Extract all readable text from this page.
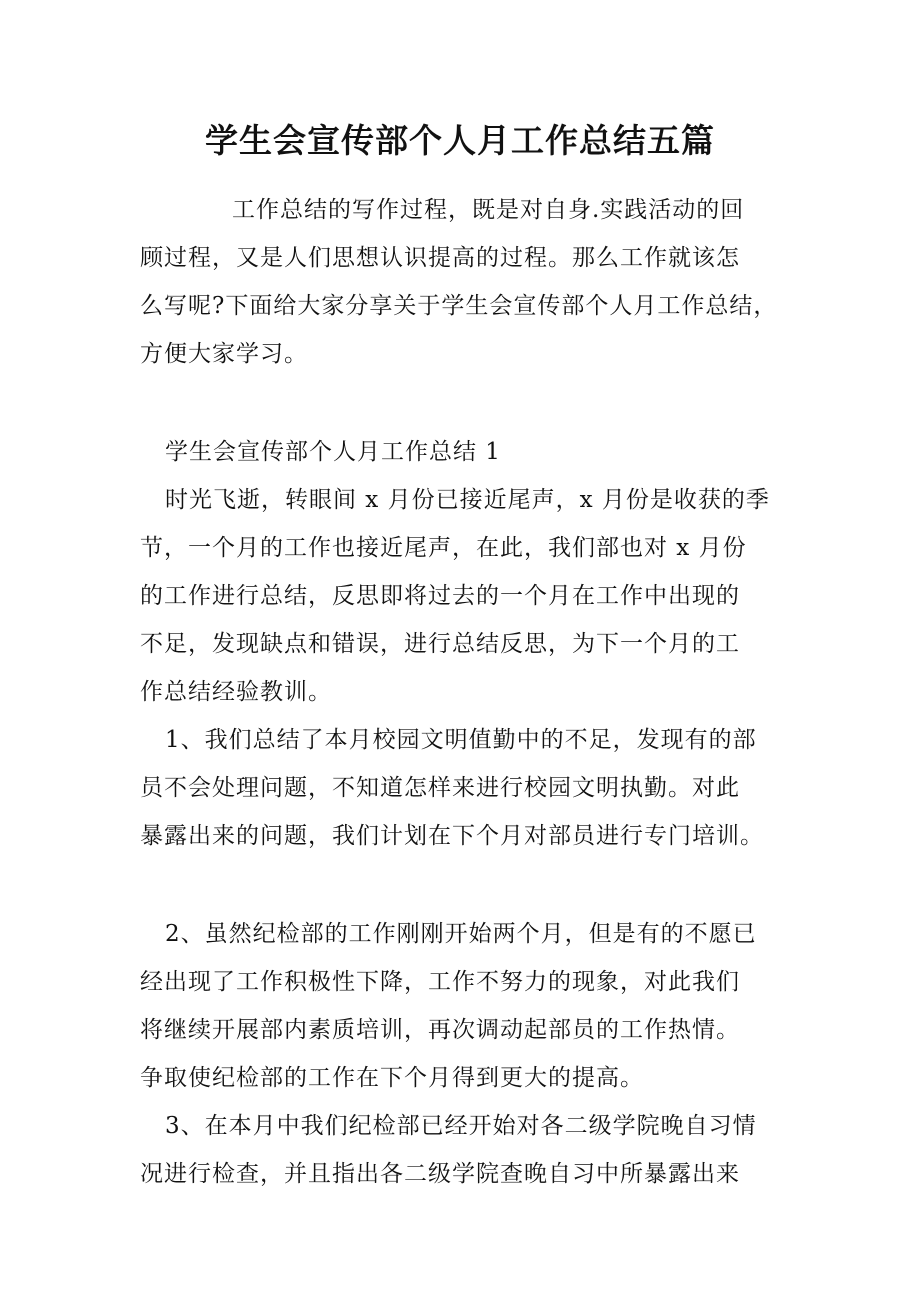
学生会宣传部个人月工作总结五篇

工作总结的写作过程，既是对自身.实践活动的回

顾过程，又是人们思想认识提高的过程。那么工作就该怎

么写呢?下面给大家分享关于学生会宣传部个人月工作总结，

方便大家学习。

学生会宣传部个人月工作总结 1

时光飞逝，转眼间 x 月份已接近尾声，x 月份是收获的季

节，一个月的工作也接近尾声，在此，我们部也对 x 月份

的工作进行总结，反思即将过去的一个月在工作中出现的

不足，发现缺点和错误，进行总结反思，为下一个月的工

作总结经验教训。

1、我们总结了本月校园文明值勤中的不足，发现有的部

员不会处理问题，不知道怎样来进行校园文明执勤。对此

暴露出来的问题，我们计划在下个月对部员进行专门培训。

2、虽然纪检部的工作刚刚开始两个月，但是有的不愿已

经出现了工作积极性下降，工作不努力的现象，对此我们

将继续开展部内素质培训，再次调动起部员的工作热情。

争取使纪检部的工作在下个月得到更大的提高。

3、在本月中我们纪检部已经开始对各二级学院晚自习情

况进行检查，并且指出各二级学院查晚自习中所暴露出来
